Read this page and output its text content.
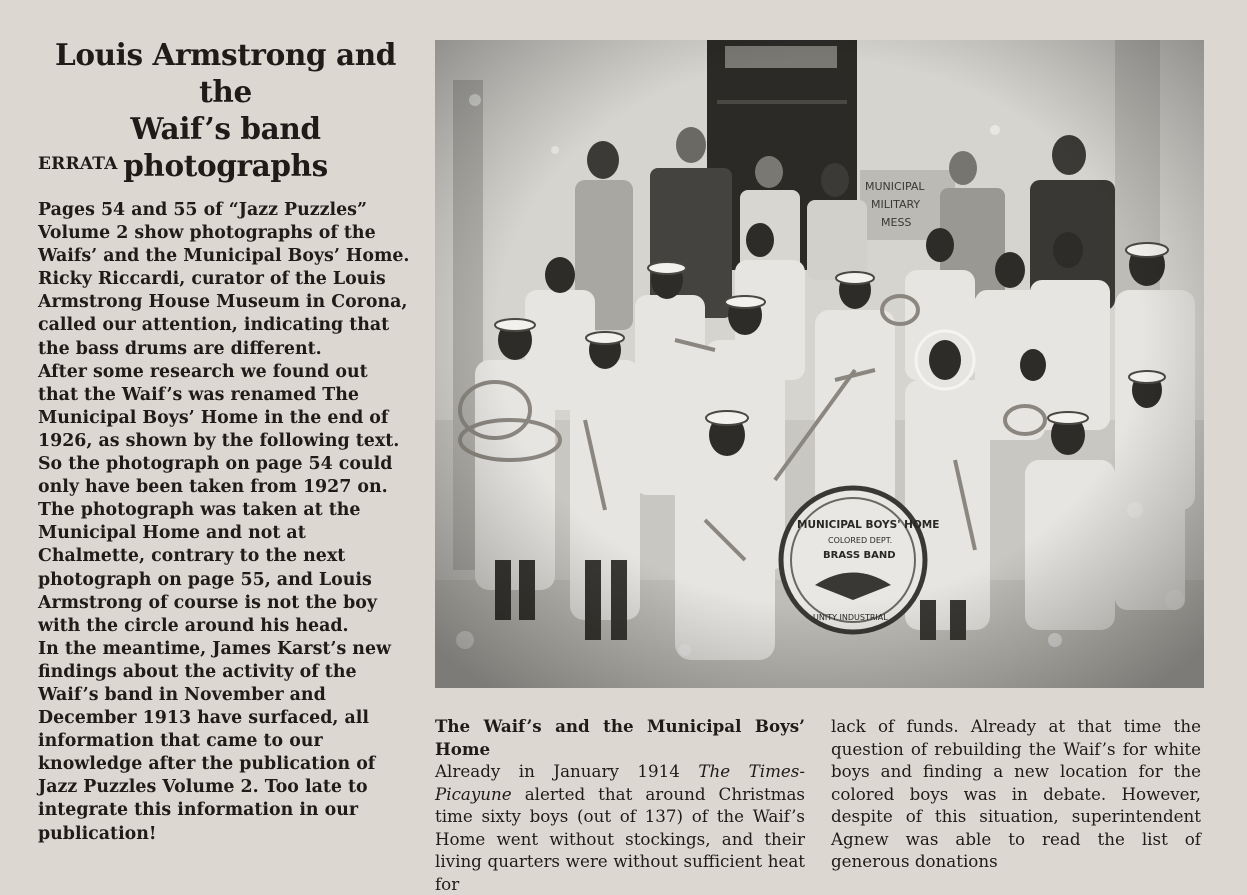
Louis Armstrong and the
Waif’s band photographs
ERRATA

Pages 54 and 55 of “Jazz Puzzles” Volume 2 show photographs of the Waifs’ and the Municipal Boys’ Home.

Ricky Riccardi, curator of the Louis Armstrong House Museum in Corona, called our attention, indicating that the bass drums are different.

After some research we found out that the Waif’s was renamed The Municipal Boys’ Home in the end of 1926, as shown by the following text. So the photograph on page 54 could only have been taken from 1927 on.

The photograph was taken at the Municipal Home and not at Chalmette, contrary to the next photograph on page 55, and Louis Armstrong of course is not the boy with the circle around his head.

In the meantime, James Karst’s new findings about the activity of the Waif’s band in November and December 1913 have surfaced, all information that came to our knowledge after the publication of Jazz Puzzles Volume 2. Too late to integrate this information in our publication!

The Waif’s and the Municipal Boys’ Home

Already in January 1914 The Times-Picayune alerted that around Christmas time sixty boys (out of 137) of the Waif’s Home went without stockings, and their living quarters were without sufficient heat for

lack of funds. Already at that time the question of rebuilding the Waif’s for white boys and finding a new location for the colored boys was in debate. However, despite of this situation, superintendent Agnew was able to read the list of generous donations
